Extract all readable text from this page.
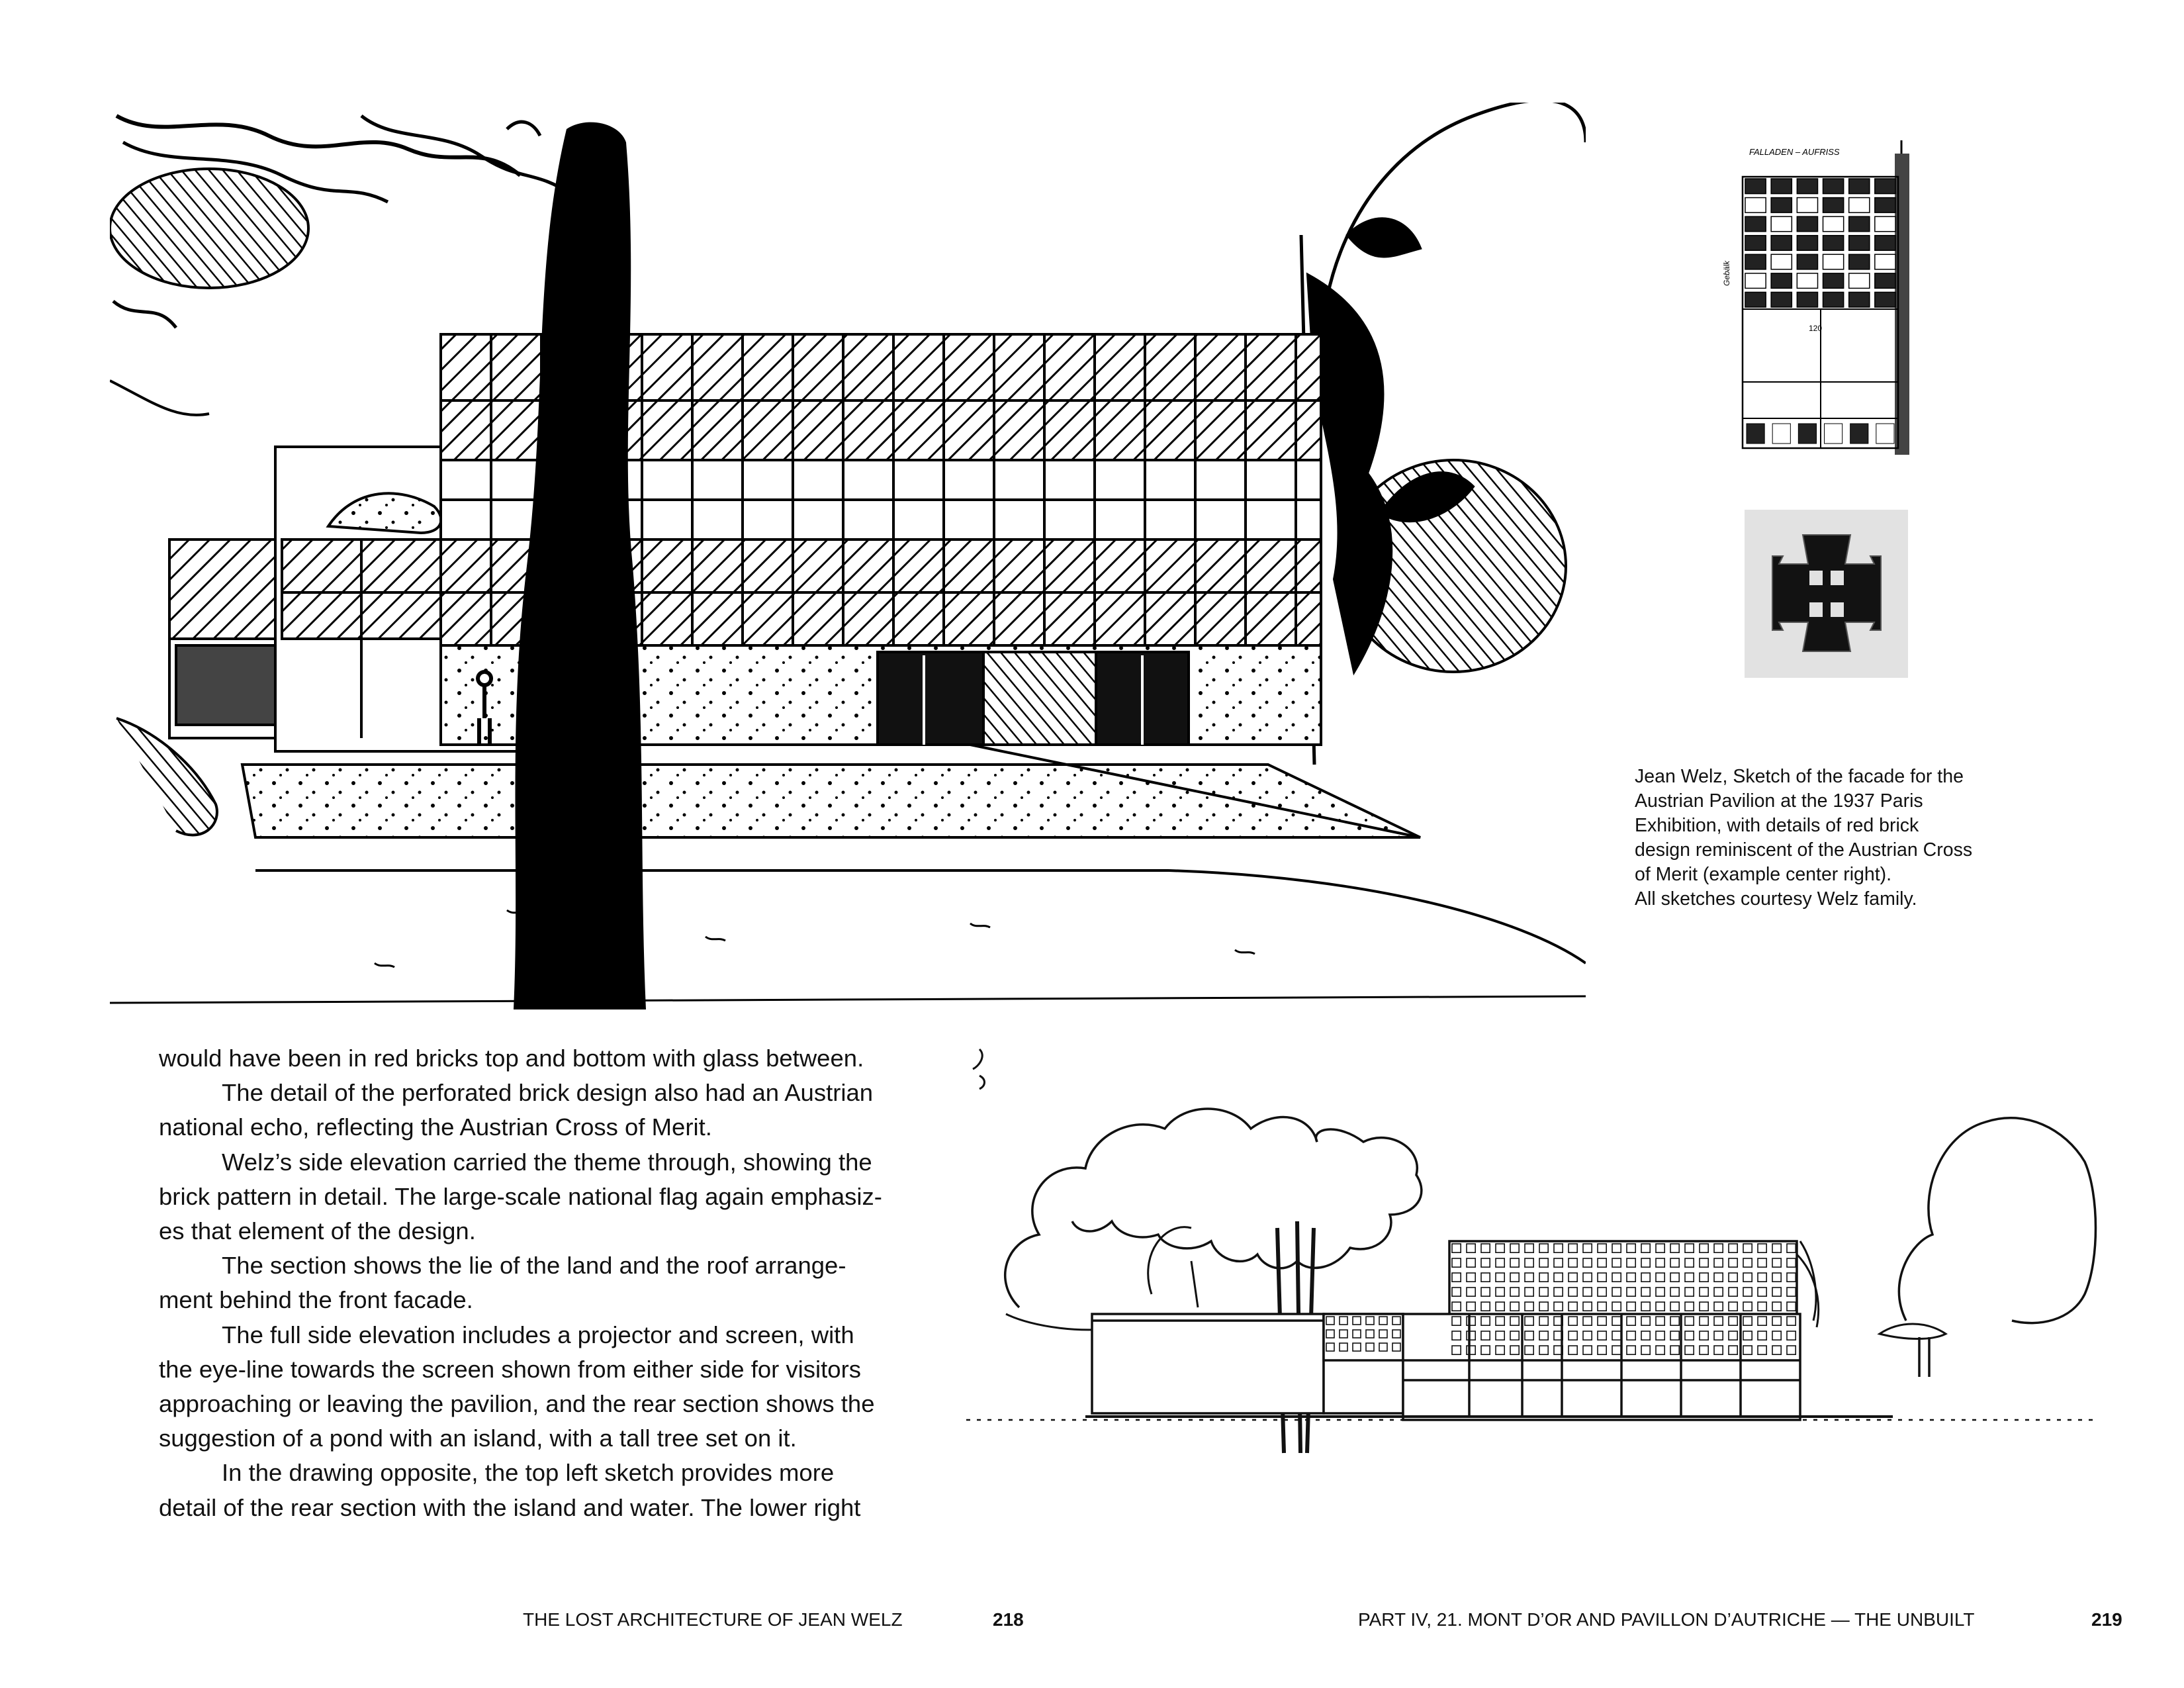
FALLADEN – AUFRISS
Gebälk
120
Jean Welz, Sketch of the facade for the
Austrian Pavilion at the 1937 Paris
Exhibition, with details of red brick
design reminiscent of the Austrian Cross
of Merit (example center right).
All sketches courtesy Welz family.
would have been in red bricks top and bottom with glass between.
The detail of the perforated brick design also had an Austrian
national echo, reflecting the Austrian Cross of Merit.
Welz’s side elevation carried the theme through, showing the
brick pattern in detail. The large-scale national flag again emphasiz-
es that element of the design.
The section shows the lie of the land and the roof arrange-
ment behind the front facade.
The full side elevation includes a projector and screen, with
the eye-line towards the screen shown from either side for visitors
approaching or leaving the pavilion, and the rear section shows the
suggestion of a pond with an island, with a tall tree set on it.
In the drawing opposite, the top left sketch provides more
detail of the rear section with the island and water. The lower right
THE LOST ARCHITECTURE OF JEAN WELZ	218	PART IV, 21. MONT D’OR AND PAVILLON D’AUTRICHE — THE UNBUILT	219
